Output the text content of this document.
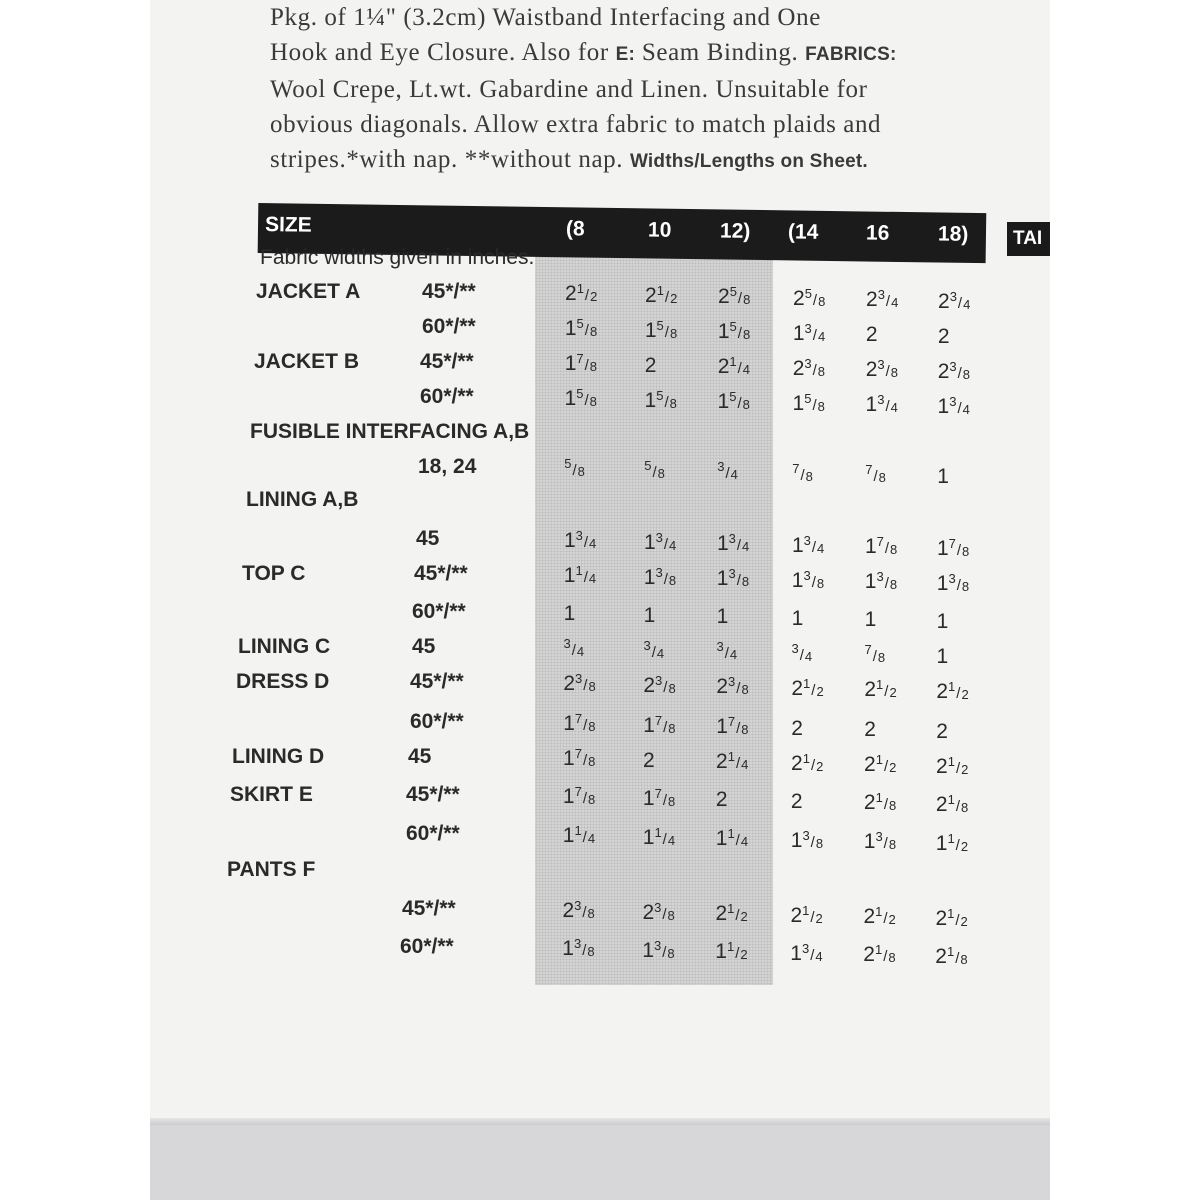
Pkg. of 1¼" (3.2cm) Waistband Interfacing and One
Hook and Eye Closure. Also for E: Seam Binding. FABRICS:
Wool Crepe, Lt.wt. Gabardine and Linen. Unsuitable for
obvious diagonals. Allow extra fabric to match plaids and
stripes.*with nap. **without nap. Widths/Lengths on Sheet.
TAI
SIZE	(8	10 12) (14 16 18)
Fabric widths given in inches.
JACKET A	45*/**	$2^1/_2$ $2^1/_2$ $2^5/_8$ $2^5/_8$ $2^3/_4$ $2^3/_4$
60*/**	$1^5/_8$ $1^5/_8$ $1^5/_8$ $1^3/_4$ 2	2
JACKET B	45*/**	$1^7/_8$ 2	$2^1/_4$ $2^3/_8$ $2^3/_8$ $2^3/_8$
60*/**	$1^5/_8$ $1^5/_8$ $1^5/_8$ $1^5/_8$ $1^3/_4$ $1^3/_4$
FUSIBLE INTERFACING A,B
18, 24	$^5/_8$	$^5/_8$	$^3/_4$	$^7/_8$	$^7/_8$ 1
LINING A,B
45	$1^3/_4$ $1^3/_4$ $1^3/_4$ $1^3/_4$ $1^7/_8$ $1^7/_8$
TOP C	45*/**	$1^1/_4$ $1^3/_8$ $1^3/_8$ $1^3/_8$ $1^3/_8$ $1^3/_8$
60*/**	1	1	1	1	1	1
LINING C	45	$^3/_4$	$^3/_4$	$^3/_4$	$^3/_4$	$^7/_8$ 1
DRESS D	45*/**	$2^3/_8$ $2^3/_8$ $2^3/_8$ $2^1/_2$ $2^1/_2$ $2^1/_2$
60*/**	$1^7/_8$ $1^7/_8$ $1^7/_8$ 2	2	2
LINING D	45	$1^7/_8$ 2	$2^1/_4$ $2^1/_2$ $2^1/_2$ $2^1/_2$
SKIRT E	45*/**	$1^7/_8$ $1^7/_8$ 2	2	$2^1/_8$ $2^1/_8$
60*/**	$1^1/_4$ $1^1/_4$ $1^1/_4$ $1^3/_8$ $1^3/_8$ $1^1/_2$
PANTS F
45*/**	$2^3/_8$ $2^3/_8$ $2^1/_2$ $2^1/_2$ $2^1/_2$ $2^1/_2$
60*/**	$1^3/_8$ $1^3/_8$ $1^1/_2$ $1^3/_4$ $2^1/_8$ $2^1/_8$
